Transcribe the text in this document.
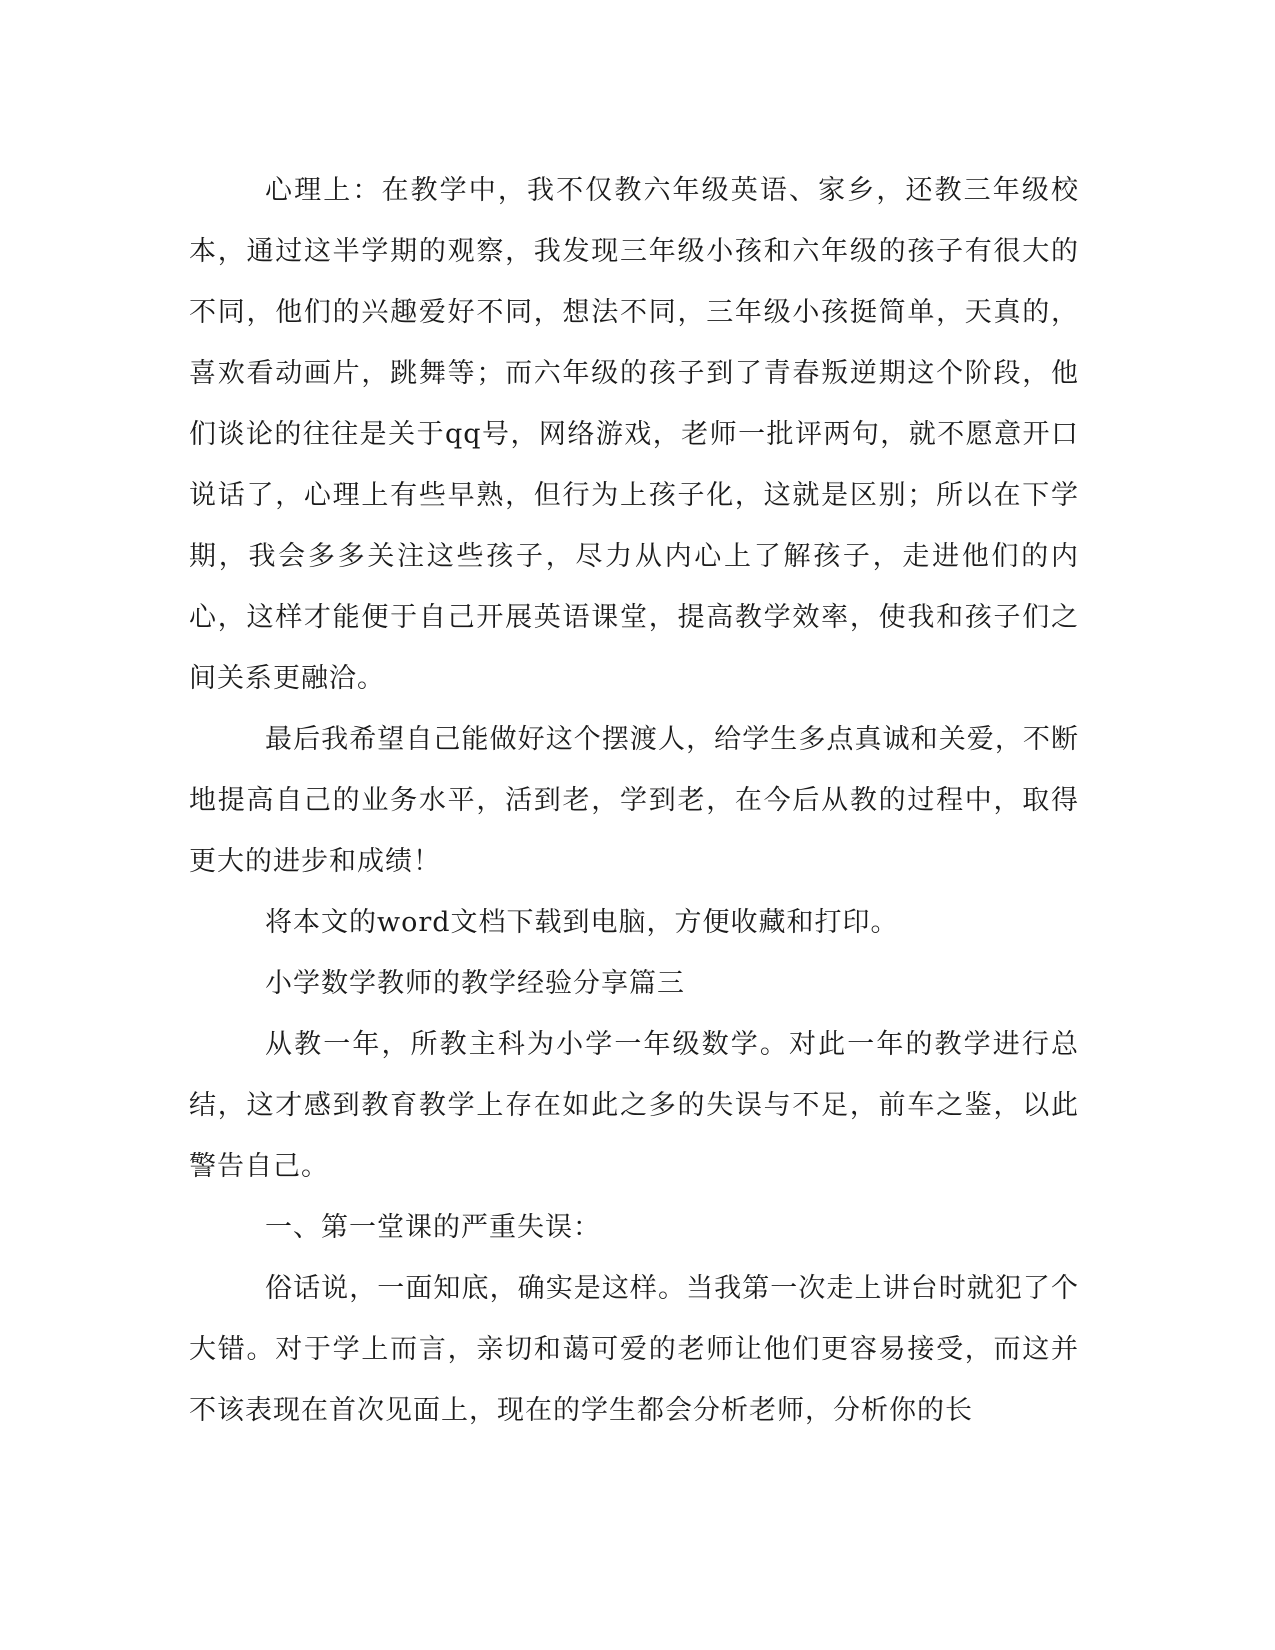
心理上：在教学中，我不仅教六年级英语、家乡，还教三年级校本，通过这半学期的观察，我发现三年级小孩和六年级的孩子有很大的不同，他们的兴趣爱好不同，想法不同，三年级小孩挺简单，天真的，喜欢看动画片，跳舞等；而六年级的孩子到了青春叛逆期这个阶段，他们谈论的往往是关于qq号，网络游戏，老师一批评两句，就不愿意开口说话了，心理上有些早熟，但行为上孩子化，这就是区别；所以在下学期，我会多多关注这些孩子，尽力从内心上了解孩子，走进他们的内心，这样才能便于自己开展英语课堂，提高教学效率，使我和孩子们之间关系更融洽。

最后我希望自己能做好这个摆渡人，给学生多点真诚和关爱，不断地提高自己的业务水平，活到老，学到老，在今后从教的过程中，取得更大的进步和成绩！

将本文的word文档下载到电脑，方便收藏和打印。

小学数学教师的教学经验分享篇三

从教一年，所教主科为小学一年级数学。对此一年的教学进行总结，这才感到教育教学上存在如此之多的失误与不足，前车之鉴，以此警告自己。

一、第一堂课的严重失误：

俗话说，一面知底，确实是这样。当我第一次走上讲台时就犯了个大错。对于学上而言，亲切和蔼可爱的老师让他们更容易接受，而这并不该表现在首次见面上，现在的学生都会分析老师，分析你的长
